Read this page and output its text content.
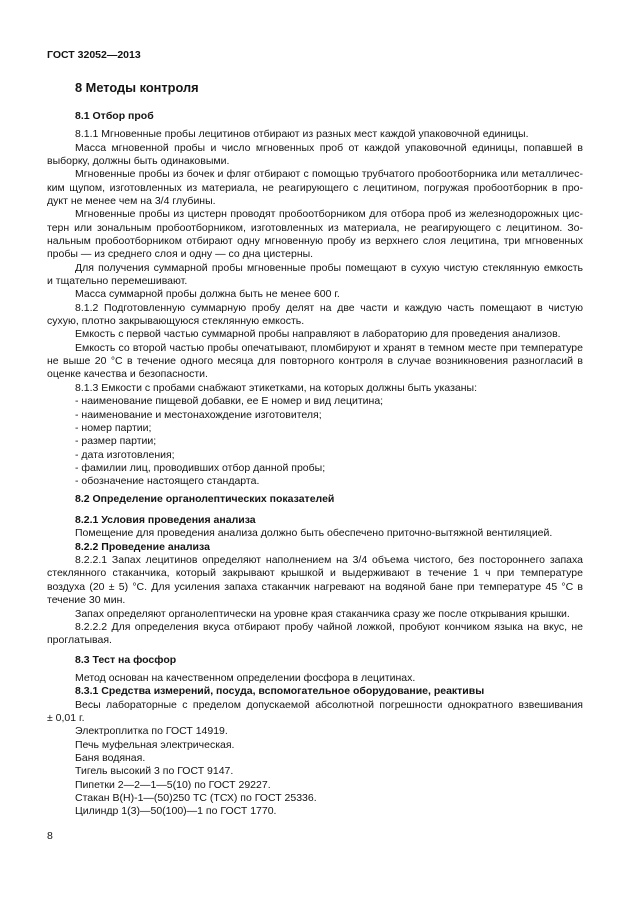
ГОСТ 32052—2013
8 Методы контроля
8.1 Отбор проб
8.1.1 Мгновенные пробы лецитинов отбирают из разных мест каждой упаковочной единицы.
Масса мгновенной пробы и число мгновенных проб от каждой упаковочной единицы, попавшей в
выборку, должны быть одинаковыми.
Мгновенные пробы из бочек и фляг отбирают с помощью трубчатого пробоотборника или металличес-
ким щупом, изготовленных из материала, не реагирующего с лецитином, погружая пробоотборник в про-
дукт не менее чем на 3/4 глубины.
Мгновенные пробы из цистерн проводят пробоотборником для отбора проб из железнодорожных цис-
терн или зональным пробоотборником, изготовленных из материала, не реагирующего с лецитином. Зо-
нальным пробоотборником отбирают одну мгновенную пробу из верхнего слоя лецитина, три мгновенных
пробы — из среднего слоя и одну — со дна цистерны.
Для получения суммарной пробы мгновенные пробы помещают в сухую чистую стеклянную емкость
и тщательно перемешивают.
Масса суммарной пробы должна быть не менее 600 г.
8.1.2 Подготовленную суммарную пробу делят на две части и каждую часть помещают в чистую
сухую, плотно закрывающуюся стеклянную емкость.
Емкость с первой частью суммарной пробы направляют в лабораторию для проведения анализов.
Емкость со второй частью пробы опечатывают, пломбируют и хранят в темном месте при температуре
не выше 20 °С в течение одного месяца для повторного контроля в случае возникновения разногласий в
оценке качества и безопасности.
8.1.3 Емкости с пробами снабжают этикетками, на которых должны быть указаны:
- наименование пищевой добавки, ее Е номер и вид лецитина;
- наименование и местонахождение изготовителя;
- номер партии;
- размер партии;
- дата изготовления;
- фамилии лиц, проводивших отбор данной пробы;
- обозначение настоящего стандарта.
8.2 Определение органолептических показателей
8.2.1 Условия проведения анализа
Помещение для проведения анализа должно быть обеспечено приточно-вытяжной вентиляцией.
8.2.2 Проведение анализа
8.2.2.1 Запах лецитинов определяют наполнением на 3/4 объема чистого, без постороннего запаха
стеклянного стаканчика, который закрывают крышкой и выдерживают в течение 1 ч при температуре
воздуха (20 ± 5) °С. Для усиления запаха стаканчик нагревают на водяной бане при температуре 45 °С в
течение 30 мин.
Запах определяют органолептически на уровне края стаканчика сразу же после открывания крышки.
8.2.2.2 Для определения вкуса отбирают пробу чайной ложкой, пробуют кончиком языка на вкус, не
проглатывая.
8.3 Тест на фосфор
Метод основан на качественном определении фосфора в лецитинах.
8.3.1 Средства измерений, посуда, вспомогательное оборудование, реактивы
Весы лабораторные с пределом допускаемой абсолютной погрешности однократного взвешивания
± 0,01 г.
Электроплитка по ГОСТ 14919.
Печь муфельная электрическая.
Баня водяная.
Тигель высокий 3 по ГОСТ 9147.
Пипетки 2—2—1—5(10) по ГОСТ 29227.
Стакан В(Н)-1—(50)250 ТС (ТСХ) по ГОСТ 25336.
Цилиндр 1(3)—50(100)—1 по ГОСТ 1770.
8
